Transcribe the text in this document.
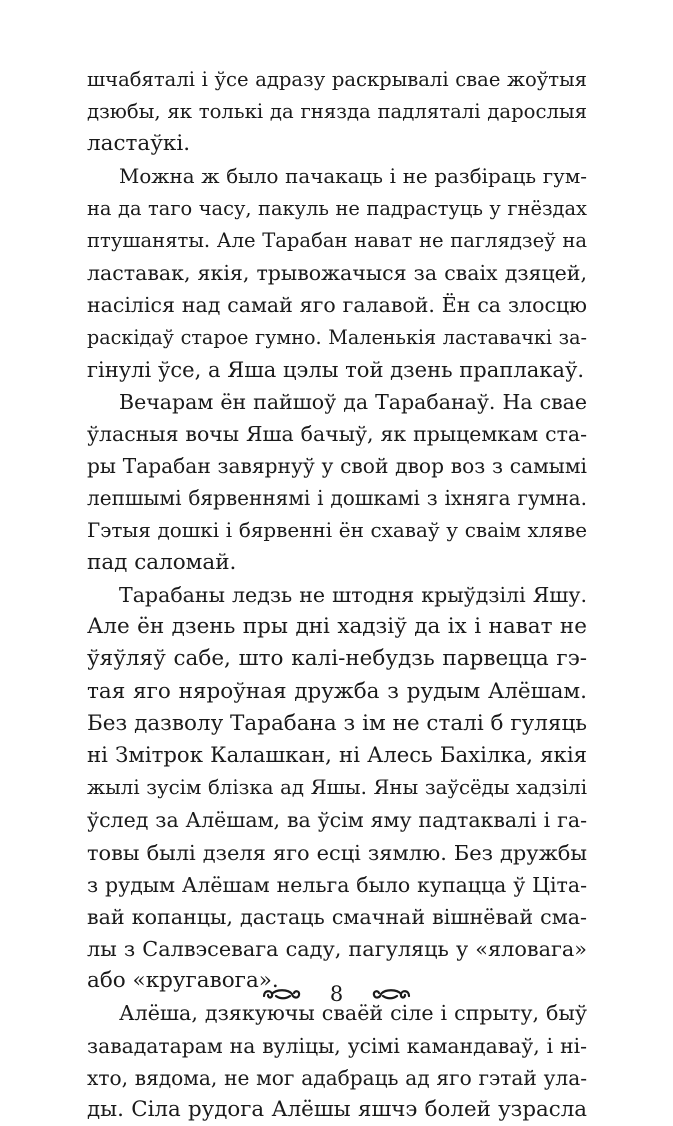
шчабяталі і ўсе адразу раскрывалі свае жоўтыя
дзюбы, як толькі да гнязда падляталі дарослыя
ластаўкі.
Можна ж было пачакаць і не разбіраць гум-
на да таго часу, пакуль не падрастуць у гнёздах
птушаняты. Але Тарабан нават не паглядзеў на
ластавак, якія, трывожачыся за сваіх дзяцей,
насіліся над самай яго галавой. Ён са злосцю
раскідаў старое гумно. Маленькія ластавачкі за-
гінулі ўсе, а Яша цэлы той дзень праплакаў.
Вечарам ён пайшоў да Тарабанаў. На свае
ўласныя вочы Яша бачыў, як прыцемкам ста-
ры Тарабан завярнуў у свой двор воз з самымі
лепшымі бярвеннямі і дошкамі з іхняга гумна.
Гэтыя дошкі і бярвенні ён схаваў у сваім хляве
пад саломай.
Тарабаны ледзь не штодня крыўдзілі Яшу.
Але ён дзень пры дні хадзіў да іх і нават не
ўяўляў сабе, што калі-небудзь парвецца гэ-
тая яго няроўная дружба з рудым Алёшам.
Без дазволу Тарабана з ім не сталі б гуляць
ні Змітрок Калашкан, ні Алесь Бахілка, якія
жылі зусім блізка ад Яшы. Яны заўсёды хадзілі
ўслед за Алёшам, ва ўсім яму падтаквалі і га-
товы былі дзеля яго есці зямлю. Без дружбы
з рудым Алёшам нельга было купацца ў Ціта-
вай копанцы, дастаць смачнай вішнёвай сма-
лы з Салвэсевага саду, пагуляць у «яловага»
або «кругавога».
Алёша, дзякуючы сваёй сіле і спрыту, быў
завадатарам на вуліцы, усімі камандаваў, і ні-
хто, вядома, не мог адабраць ад яго гэтай ула-
ды. Сіла рудога Алёшы яшчэ болей узрасла
8
